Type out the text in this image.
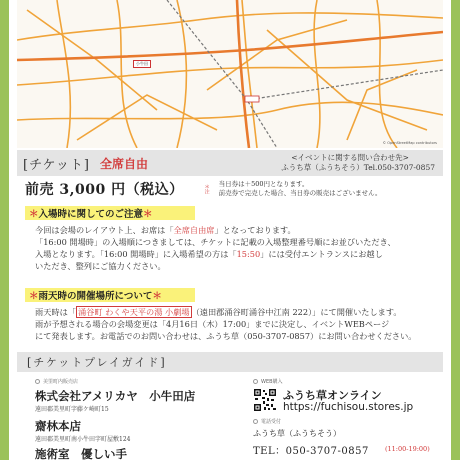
小牛田
© OpenStreetMap contributors
[チケット] 全席自由	<イベントに関する問い合わせ先>
ふうち草（ふうちそう）Tel.050-3707-0857
前売 3,000 円（税込）	＊注 当日券は＋500円となります。
前売券で完売した場合、当日券の販売はございません。
＊ 入場時に関してのご注意 ＊
今回は会場のレイアウト上、お席は「全席自由席」となっております。
「16:00 開場時」の入場順につきましては、チケットに記載の入場整理番号順にお並びいただき、
入場となります。「16:00 開場時」に入場希望の方は「15:50」には受付エントランスにお越し
いただき、整列にご協力ください。
＊ 雨天時の開催場所について ＊
雨天時は「 涌谷町 わくや天平の湯 小劇場 （遠田郡涌谷町涌谷中江南 222）」にて開催いたします。
雨が予想される場合の会場変更は「4月16日（木）17:00」までに決定し、イベントWEBページ
にて発表します。お電話でのお問い合わせは、ふうち草（050-3707-0857）にお問い合わせください。
[チケットプレイガイド]
美里町内販売店
株式会社アメリカヤ　小牛田店
遠田郡美里町字藤ケ崎町15
齋林本店
遠田郡美里町南小牛田字町屋敷124
施術室　優しい手
WEB購入
ふうち草オンライン
https://fuchisou.stores.jp
電話受付
ふうち草（ふうちそう）
TEL：050-3707-0857 (11:00-19:00)
